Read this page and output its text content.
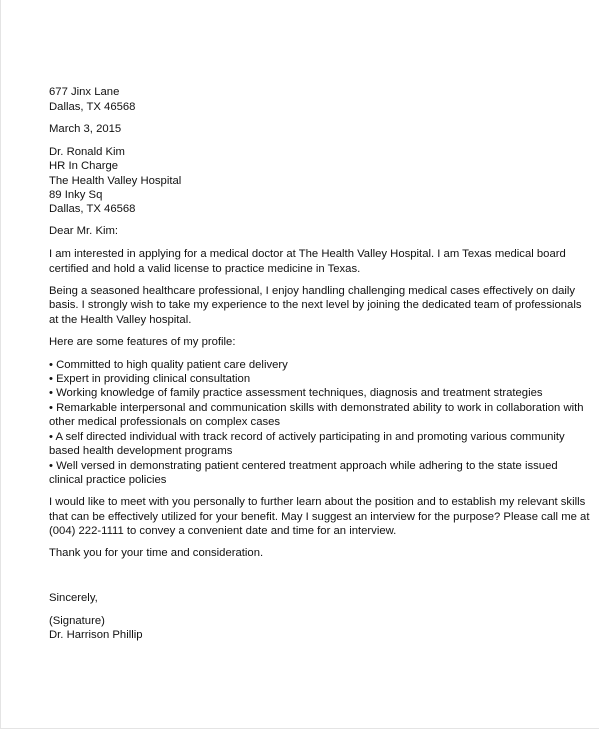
677 Jinx Lane
Dallas, TX 46568
March 3, 2015
Dr. Ronald Kim
HR In Charge
The Health Valley Hospital
89 Inky Sq
Dallas, TX 46568
Dear Mr. Kim:
I am interested in applying for a medical doctor at The Health Valley Hospital. I am Texas medical board
certified and hold a valid license to practice medicine in Texas.
Being a seasoned healthcare professional, I enjoy handling challenging medical cases effectively on daily
basis. I strongly wish to take my experience to the next level by joining the dedicated team of professionals
at the Health Valley hospital.
Here are some features of my profile:
• Committed to high quality patient care delivery
• Expert in providing clinical consultation
• Working knowledge of family practice assessment techniques, diagnosis and treatment strategies
• Remarkable interpersonal and communication skills with demonstrated ability to work in collaboration with
other medical professionals on complex cases
• A self directed individual with track record of actively participating in and promoting various community
based health development programs
• Well versed in demonstrating patient centered treatment approach while adhering to the state issued
clinical practice policies
I would like to meet with you personally to further learn about the position and to establish my relevant skills
that can be effectively utilized for your benefit. May I suggest an interview for the purpose? Please call me at
(004) 222-1111 to convey a convenient date and time for an interview.
Thank you for your time and consideration.
Sincerely,
(Signature)
Dr. Harrison Phillip
